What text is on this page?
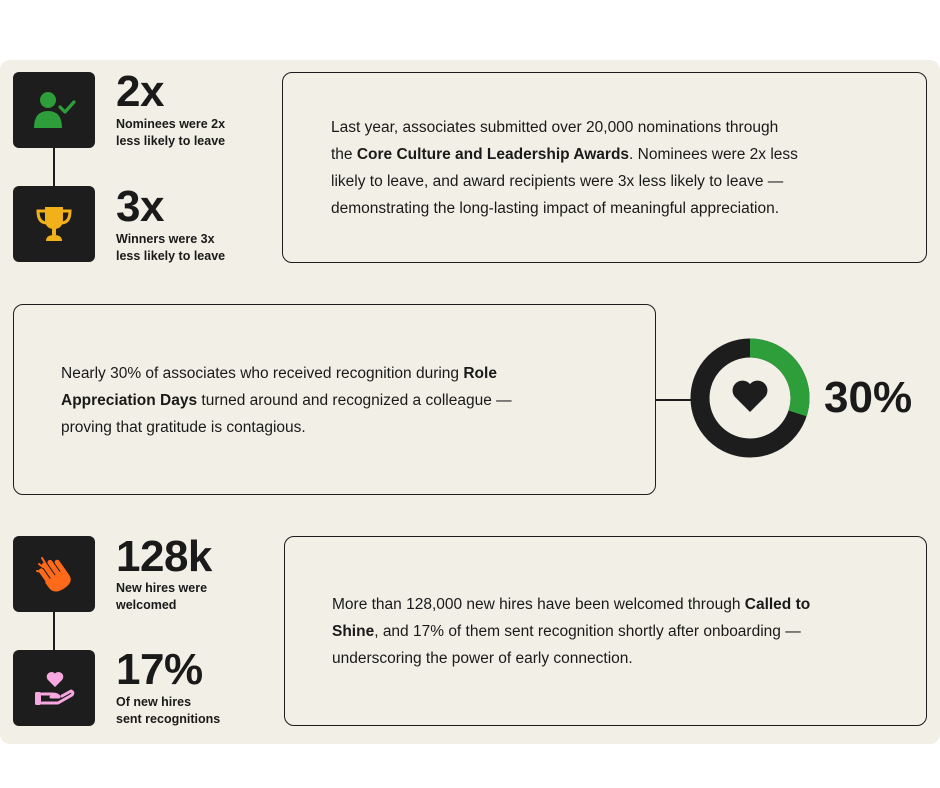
2x
Nominees were 2x
less likely to leave
3x
Winners were 3x
less likely to leave

Last year, associates submitted over 20,000 nominations through
the Core Culture and Leadership Awards. Nominees were 2x less
likely to leave, and award recipients were 3x less likely to leave —
demonstrating the long-lasting impact of meaningful appreciation.

Nearly 30% of associates who received recognition during Role
Appreciation Days turned around and recognized a colleague —
proving that gratitude is contagious.

30%
128k
New hires were
welcomed
17%
Of new hires
sent recognitions

More than 128,000 new hires have been welcomed through Called to
Shine, and 17% of them sent recognition shortly after onboarding —
underscoring the power of early connection.
